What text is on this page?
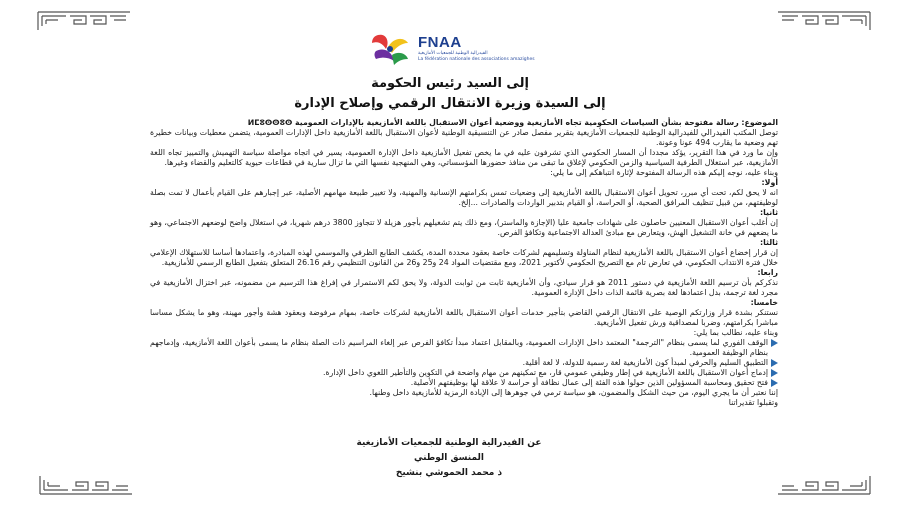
FNAA
الفيدرالية الوطنية للجمعيات الأمازيغية
La fédération nationale des associations amazighes
إلى السيد رئيس الحكومة
إلى السيدة وزيرة الانتقال الرقمي وإصلاح الإدارة

الموضوع: رسالة مفتوحة بشأن السياسات الحكومية تجاه الأمازيغية ووضعية أعوان الاستقبال باللغة الأمازيغية بالإدارات العمومية ⵍⵎⵓⵙⵙⵓⵙ

توصل المكتب الفيدرالي للفيدرالية الوطنية للجمعيات الأمازيغية بتقرير مفصل صادر عن التنسيقية الوطنية لأعوان الاستقبال باللغة الأمازيغية داخل الإدارات العمومية، يتضمن معطيات وبيانات خطيرة تهم وضعية ما يقارب 494 عونا وعونة.

وإن ما ورد في هذا التقرير، يؤكد مجددا أن المسار الحكومي الذي تشرفون عليه في ما يخص تفعيل الأمازيغية داخل الإدارة العمومية، يسير في اتجاه مواصلة سياسة التهميش والتمييز تجاه اللغة الأمازيغية، عبر استغلال الطرفية السياسية والزمن الحكومي لإغلاق ما تبقى من منافذ حضورها المؤسساتي، وهي المنهجية نفسها التي ما تزال سارية في قطاعات حيوية كالتعليم والقضاء وغيرها.

وبناء عليه، نوجه إليكم هذه الرسالة المفتوحة لإثارة انتباهكم إلى ما يلي:

أولا:

انه لا يحق لكم، تحت أي مبرر، تحويل أعوان الاستقبال باللغة الأمازيغية إلى وضعيات تمس بكرامتهم الإنسانية والمهنية، ولا تغيير طبيعة مهامهم الأصلية، عبر إجبارهم على القيام بأعمال لا تمت بصلة لوظيفتهم، من قبيل تنظيف المرافق الصحية، أو الحراسة، أو القيام بتدبير الواردات والصادرات ...إلخ.

ثانيا:

إن أغلب أعوان الاستقبال المعنيين حاصلون على شهادات جامعية عليا (الإجازة والماستر)، ومع ذلك يتم تشغيلهم بأجور هزيلة لا تتجاوز 3800 درهم شهريا، في استغلال واضح لوضعهم الاجتماعي، وهو ما يضعهم في خانة التشغيل الهش، ويتعارض مع مبادئ العدالة الاجتماعية وتكافؤ الفرص.

ثالثا:

إن قرار إخضاع أعوان الاستقبال باللغة الأمازيغية لنظام المناولة وتسليمهم لشركات خاصة بعقود محددة المدة، يكشف الطابع الظرفي والموسمي لهذه المبادرة، واعتمادها أساسا للاستهلاك الإعلامي خلال فترة الانتداب الحكومي، في تعارض تام مع التصريح الحكومي لأكتوبر 2021، ومع مقتضيات المواد 24 و25 و26 من القانون التنظيمي رقم 26.16 المتعلق بتفعيل الطابع الرسمي للأمازيغية.

رابعا:

نذكركم بأن ترسيم اللغة الأمازيغية في دستور 2011 هو قرار سيادي، وأن الأمازيغية ثابت من ثوابت الدولة، ولا يحق لكم الاستمرار في إفراغ هذا الترسيم من مضمونه، عبر اختزال الأمازيغية في مجرد لغة ترجمة، بدل اعتمادها لغة بصرية قائمة الذات داخل الإدارة العمومية.

خامسا:

نستنكر بشدة قرار وزارتكم الوصية على الانتقال الرقمي القاضي بتأجير خدمات أعوان الاستقبال باللغة الأمازيغية لشركات خاصة، بمهام مرفوضة وبعقود هشة وأجور مهينة، وهو ما يشكل مساسا مباشرا بكرامتهم، وضربا لمصداقية ورش تفعيل الأمازيغية.

وبناء عليه، نطالب بما يلي:

الوقف الفوري لما يسمى بنظام "الترجمة" المعتمد داخل الإدارات العمومية، وبالمقابل اعتماد مبدأ تكافؤ الفرص عبر إلغاء المراسيم ذات الصلة بنظام ما يسمى بأعوان اللغة الأمازيغية، وإدماجهم بنظام الوظيفة العمومية.

التطبيق السليم والحرفي لمبدأ كون الأمازيغية لغة رسمية للدولة، لا لغة أقلية.

إدماج أعوان الاستقبال باللغة الأمازيغية في إطار وظيفي عمومي قار، مع تمكينهم من مهام واضحة في التكوين والتأطير اللغوي داخل الإدارة.

فتح تحقيق ومحاسبة المسؤولين الذين حولوا هذه الفئة إلى عمال نظافة أو حراسة لا علاقة لها بوظيفتهم الأصلية.

إننا نعتبر أن ما يجري اليوم، من حيث الشكل والمضمون، هو سياسة ترمي في جوهرها إلى الإبادة الرمزية للأمازيغية داخل وطنها.

وتقبلوا تقديراتنا

عن الفيدرالية الوطنية للجمعيات الأمازيغية
المنسق الوطني
ذ محمد الحموشي بنشيخ
